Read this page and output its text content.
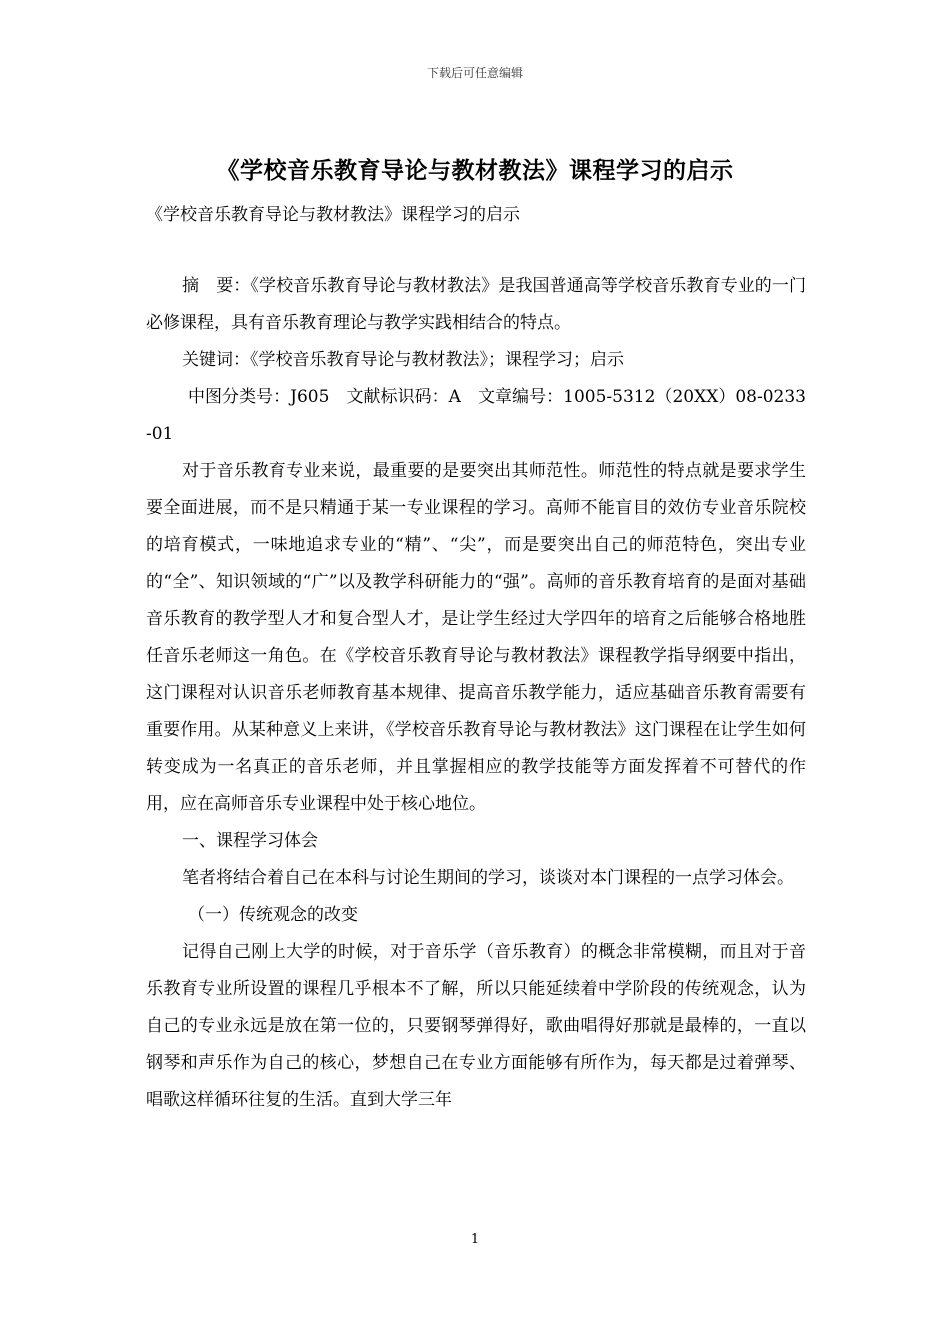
下载后可任意编辑
《学校音乐教育导论与教材教法》课程学习的启示
《学校音乐教育导论与教材教法》课程学习的启示

摘　要：《学校音乐教育导论与教材教法》是我国普通高等学校音乐教育专业的一门必修课程，具有音乐教育理论与教学实践相结合的特点。

关键词：《学校音乐教育导论与教材教法》；课程学习；启示

中图分类号：J605　文献标识码：A　文章编号：1005-5312（20XX）08-0233-01

对于音乐教育专业来说，最重要的是要突出其师范性。师范性的特点就是要求学生要全面进展，而不是只精通于某一专业课程的学习。高师不能盲目的效仿专业音乐院校的培育模式，一味地追求专业的“精”、“尖”，而是要突出自己的师范特色，突出专业的“全”、知识领域的“广”以及教学科研能力的“强”。高师的音乐教育培育的是面对基础音乐教育的教学型人才和复合型人才，是让学生经过大学四年的培育之后能够合格地胜任音乐老师这一角色。在《学校音乐教育导论与教材教法》课程教学指导纲要中指出，这门课程对认识音乐老师教育基本规律、提高音乐教学能力，适应基础音乐教育需要有重要作用。从某种意义上来讲，《学校音乐教育导论与教材教法》这门课程在让学生如何转变成为一名真正的音乐老师，并且掌握相应的教学技能等方面发挥着不可替代的作用，应在高师音乐专业课程中处于核心地位。

一、课程学习体会

笔者将结合着自己在本科与讨论生期间的学习，谈谈对本门课程的一点学习体会。

（一）传统观念的改变

记得自己刚上大学的时候，对于音乐学（音乐教育）的概念非常模糊，而且对于音乐教育专业所设置的课程几乎根本不了解，所以只能延续着中学阶段的传统观念，认为自己的专业永远是放在第一位的，只要钢琴弹得好，歌曲唱得好那就是最棒的，一直以钢琴和声乐作为自己的核心，梦想自己在专业方面能够有所作为，每天都是过着弹琴、唱歌这样循环往复的生活。直到大学三年

1
